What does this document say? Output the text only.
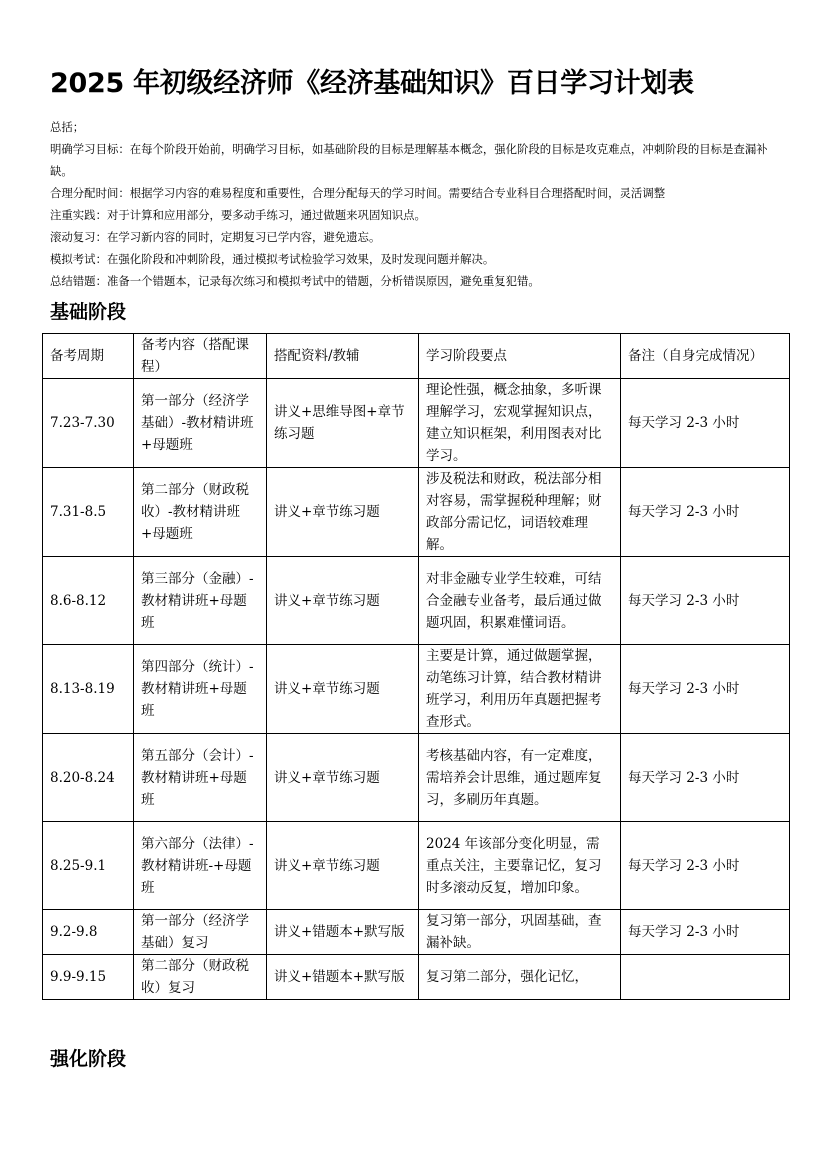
2025 年初级经济师《经济基础知识》百日学习计划表

总括；

明确学习目标：在每个阶段开始前，明确学习目标，如基础阶段的目标是理解基本概念，强化阶段的目标是攻克难点，冲刺阶段的目标是查漏补缺。

合理分配时间：根据学习内容的难易程度和重要性，合理分配每天的学习时间。需要结合专业科目合理搭配时间，灵活调整

注重实践：对于计算和应用部分，要多动手练习，通过做题来巩固知识点。

滚动复习：在学习新内容的同时，定期复习已学内容，避免遗忘。

模拟考试：在强化阶段和冲刺阶段，通过模拟考试检验学习效果，及时发现问题并解决。

总结错题：准备一个错题本，记录每次练习和模拟考试中的错题，分析错误原因，避免重复犯错。

基础阶段
备考周期	备考内容（搭配课程）	搭配资料/教辅	学习阶段要点	备注（自身完成情况）
7.23-7.30	第一部分（经济学基础）-教材精讲班+母题班	讲义+思维导图+章节练习题	理论性强，概念抽象，多听课理解学习，宏观掌握知识点，建立知识框架，利用图表对比学习。	每天学习 2-3 小时
7.31-8.5	第二部分（财政税收）-教材精讲班+母题班	讲义+章节练习题	涉及税法和财政，税法部分相对容易，需掌握税种理解；财政部分需记忆，词语较难理解。	每天学习 2-3 小时
8.6-8.12	第三部分（金融）-教材精讲班+母题班	讲义+章节练习题	对非金融专业学生较难，可结合金融专业备考，最后通过做题巩固，积累难懂词语。	每天学习 2-3 小时
8.13-8.19	第四部分（统计）-教材精讲班+母题班	讲义+章节练习题	主要是计算，通过做题掌握，动笔练习计算，结合教材精讲班学习，利用历年真题把握考查形式。	每天学习 2-3 小时
8.20-8.24	第五部分（会计）-教材精讲班+母题班	讲义+章节练习题	考核基础内容，有一定难度，需培养会计思维，通过题库复习，多刷历年真题。	每天学习 2-3 小时
8.25-9.1	第六部分（法律）-教材精讲班-+母题班	讲义+章节练习题	2024 年该部分变化明显，需重点关注，主要靠记忆，复习时多滚动反复，增加印象。	每天学习 2-3 小时
9.2-9.8	第一部分（经济学基础）复习	讲义+错题本+默写版	复习第一部分，巩固基础，查漏补缺。	每天学习 2-3 小时
9.9-9.15	第二部分（财政税收）复习	讲义+错题本+默写版	复习第二部分，强化记忆，	
强化阶段
